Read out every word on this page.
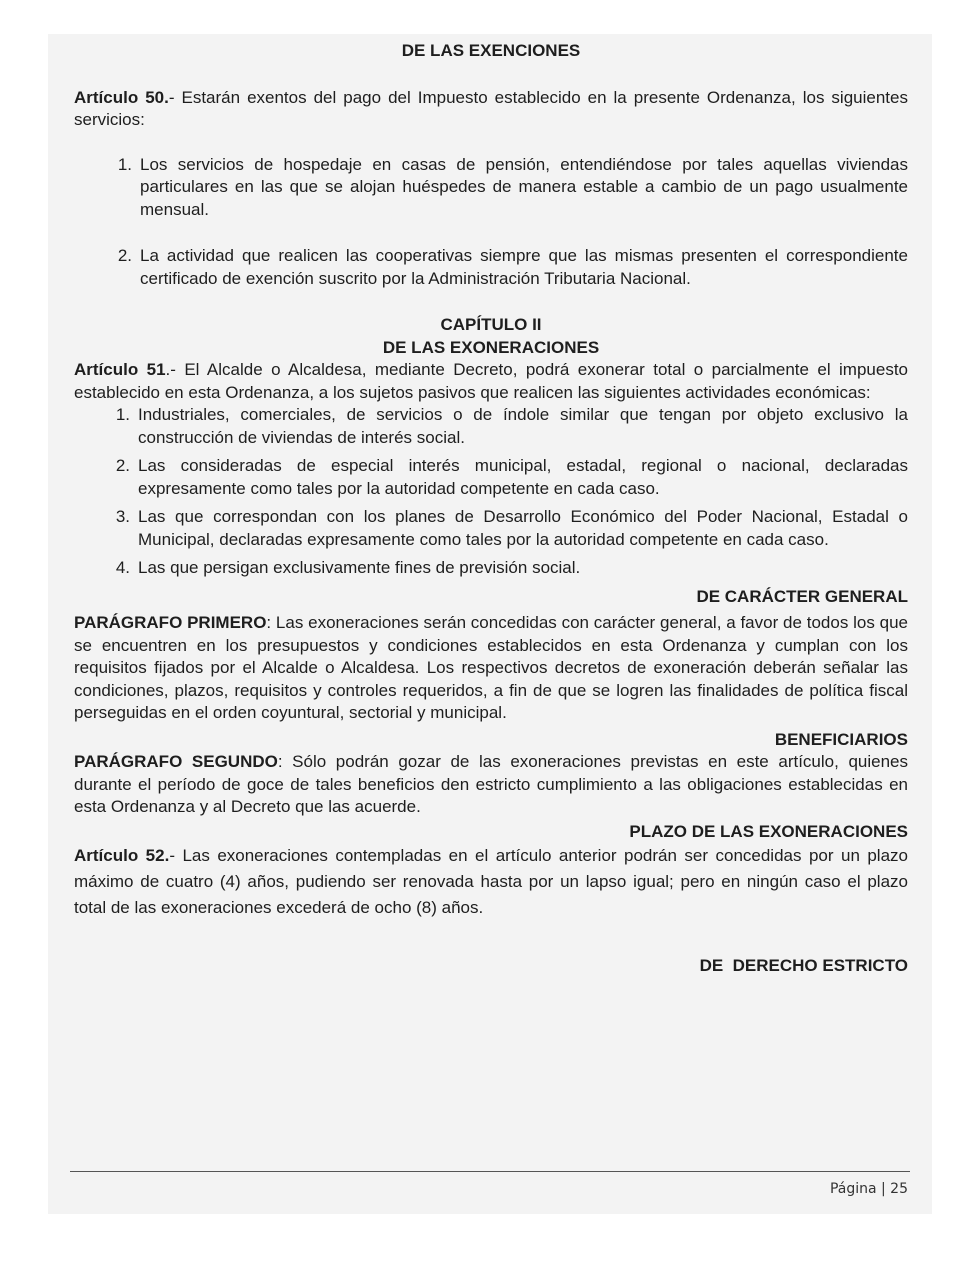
DE LAS EXENCIONES

Artículo 50.- Estarán exentos del pago del Impuesto establecido en la presente Ordenanza, los siguientes servicios:

1. Los servicios de hospedaje en casas de pensión, entendiéndose por tales aquellas viviendas particulares en las que se alojan huéspedes de manera estable a cambio de un pago usualmente mensual.
2. La actividad que realicen las cooperativas siempre que las mismas presenten el correspondiente certificado de exención suscrito por la Administración Tributaria Nacional.
CAPÍTULO II
DE LAS EXONERACIONES

Artículo 51.- El Alcalde o Alcaldesa, mediante Decreto, podrá exonerar total o parcialmente el impuesto establecido en esta Ordenanza, a los sujetos pasivos que realicen las siguientes actividades económicas:

1. Industriales, comerciales, de servicios o de índole similar que tengan por objeto exclusivo la construcción de viviendas de interés social.
2. Las consideradas de especial interés municipal, estadal, regional o nacional, declaradas expresamente como tales por la autoridad competente en cada caso.
3. Las que correspondan con los planes de Desarrollo Económico del Poder Nacional, Estadal o Municipal, declaradas expresamente como tales por la autoridad competente en cada caso.
4. Las que persigan exclusivamente fines de previsión social.
DE CARÁCTER GENERAL

PARÁGRAFO PRIMERO: Las exoneraciones serán concedidas con carácter general, a favor de todos los que se encuentren en los presupuestos y condiciones establecidos en esta Ordenanza y cumplan con los requisitos fijados por el Alcalde o Alcaldesa. Los respectivos decretos de exoneración deberán señalar las condiciones, plazos, requisitos y controles requeridos, a fin de que se logren las finalidades de política fiscal perseguidas en el orden coyuntural, sectorial y municipal.

BENEFICIARIOS

PARÁGRAFO SEGUNDO: Sólo podrán gozar de las exoneraciones previstas en este artículo, quienes durante el período de goce de tales beneficios den estricto cumplimiento a las obligaciones establecidas en esta Ordenanza y al Decreto que las acuerde.

PLAZO DE LAS EXONERACIONES

Artículo 52.- Las exoneraciones contempladas en el artículo anterior podrán ser concedidas por un plazo máximo de cuatro (4) años, pudiendo ser renovada hasta por un lapso igual; pero en ningún caso el plazo total de las exoneraciones excederá de ocho (8) años.

DE  DERECHO ESTRICTO
Página | 25
